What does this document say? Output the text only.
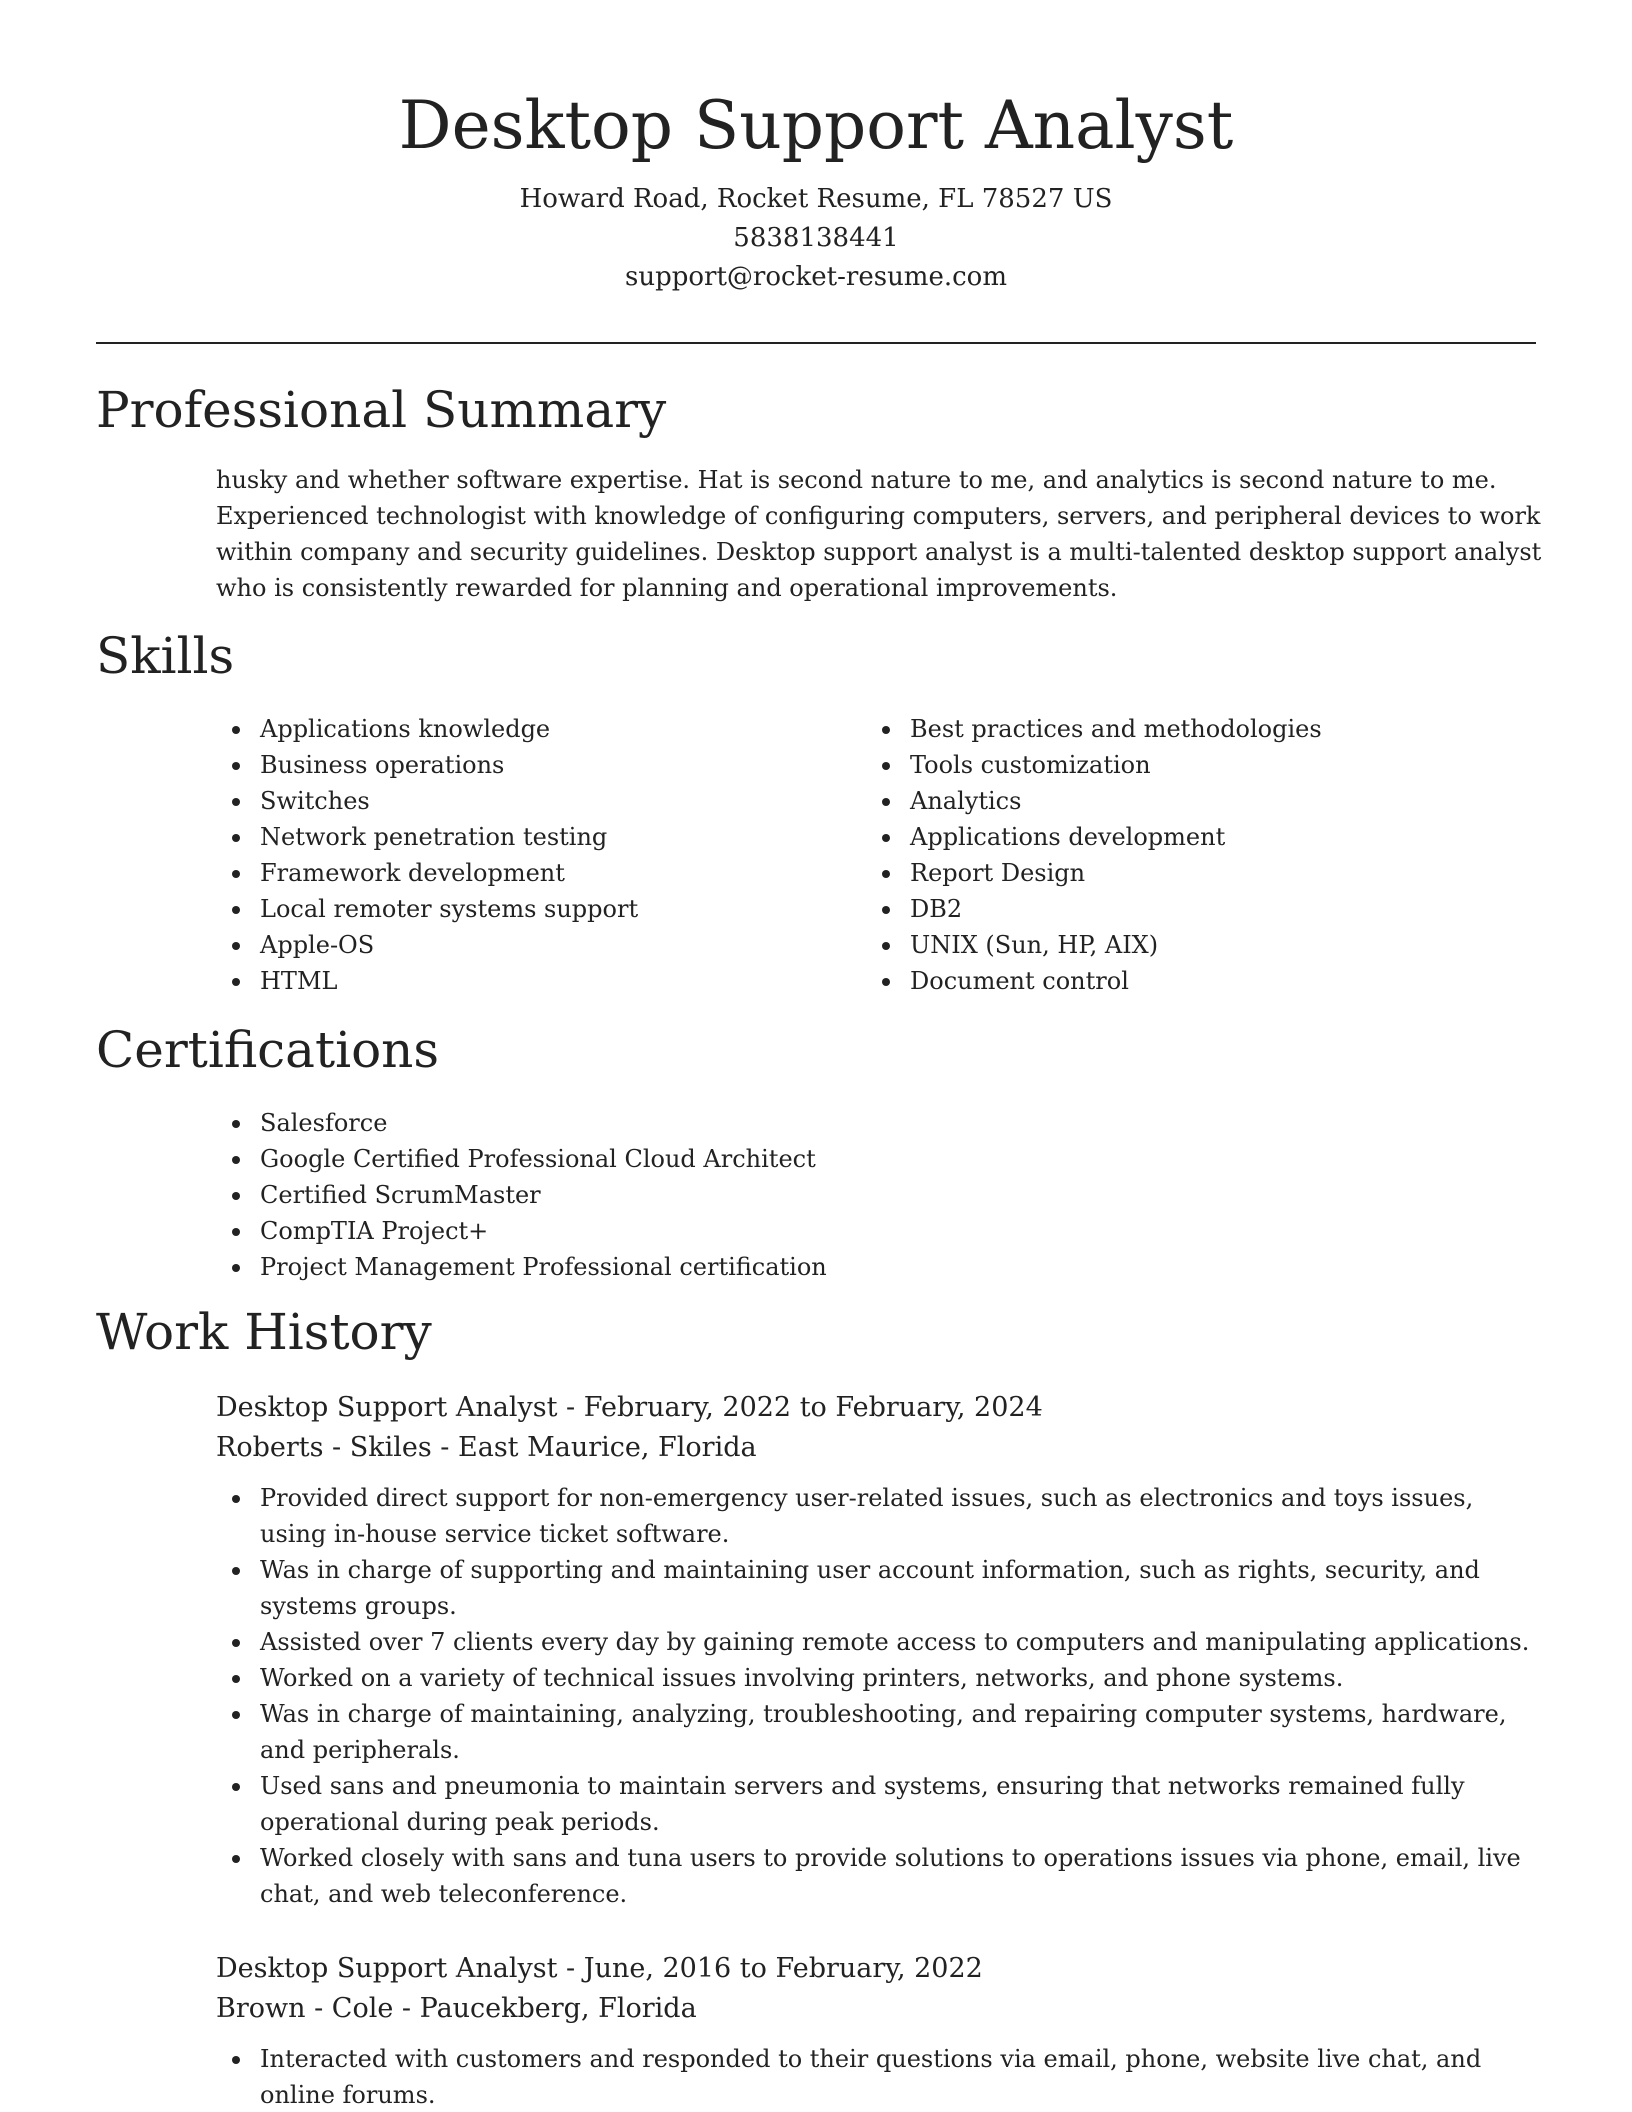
Desktop Support Analyst
Howard Road, Rocket Resume, FL 78527 US
5838138441
support@rocket-resume.com
Professional Summary

husky and whether software expertise. Hat is second nature to me, and analytics is second nature to me. Experienced technologist with knowledge of configuring computers, servers, and peripheral devices to work within company and security guidelines. Desktop support analyst is a multi-talented desktop support analyst who is consistently rewarded for planning and operational improvements.

Skills
Applications knowledge
Business operations
Switches
Network penetration testing
Framework development
Local remoter systems support
Apple-OS
HTML
Best practices and methodologies
Tools customization
Analytics
Applications development
Report Design
DB2
UNIX (Sun, HP, AIX)
Document control
Certifications
Salesforce
Google Certified Professional Cloud Architect
Certified ScrumMaster
CompTIA Project+
Project Management Professional certification
Work History
Desktop Support Analyst - February, 2022 to February, 2024
Roberts - Skiles - East Maurice, Florida
Provided direct support for non-emergency user-related issues, such as electronics and toys issues, using in-house service ticket software.
Was in charge of supporting and maintaining user account information, such as rights, security, and systems groups.
Assisted over 7 clients every day by gaining remote access to computers and manipulating applications.
Worked on a variety of technical issues involving printers, networks, and phone systems.
Was in charge of maintaining, analyzing, troubleshooting, and repairing computer systems, hardware, and peripherals.
Used sans and pneumonia to maintain servers and systems, ensuring that networks remained fully operational during peak periods.
Worked closely with sans and tuna users to provide solutions to operations issues via phone, email, live chat, and web teleconference.
Desktop Support Analyst - June, 2016 to February, 2022
Brown - Cole - Paucekberg, Florida
Interacted with customers and responded to their questions via email, phone, website live chat, and online forums.
